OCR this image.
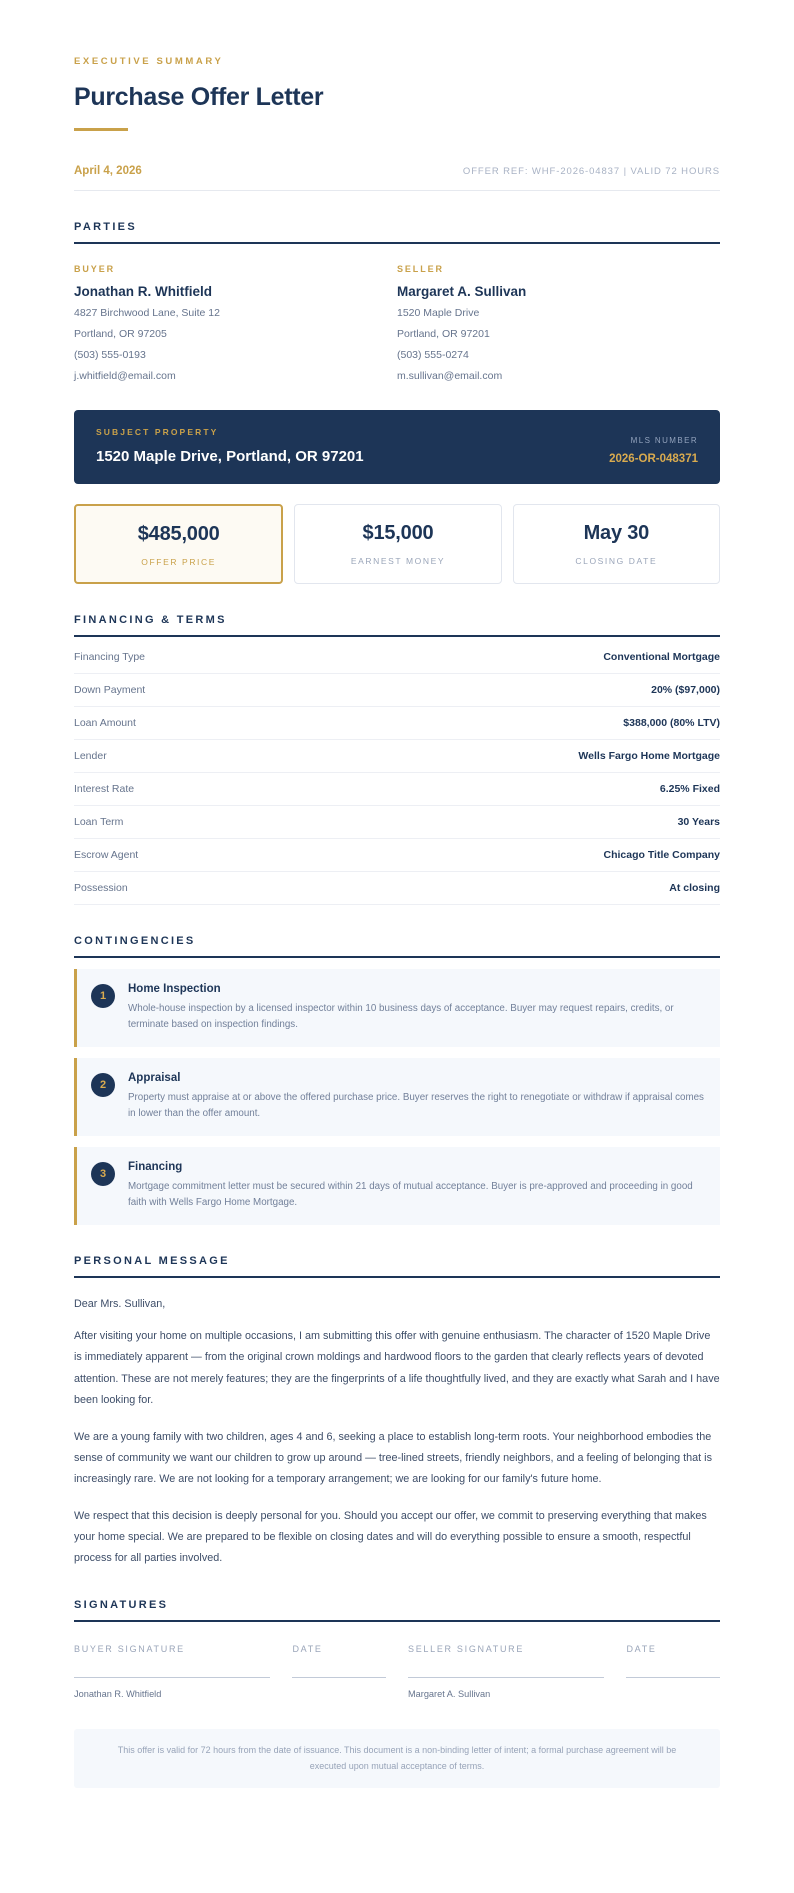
EXECUTIVE SUMMARY
Purchase Offer Letter
April 4, 2026	OFFER REF: WHF-2026-04837 | VALID 72 HOURS
PARTIES
BUYER
Jonathan R. Whitfield
4827 Birchwood Lane, Suite 12
Portland, OR 97205
(503) 555-0193
j.whitfield@email.com
SELLER
Margaret A. Sullivan
1520 Maple Drive
Portland, OR 97201
(503) 555-0274
m.sullivan@email.com
SUBJECT PROPERTY
1520 Maple Drive, Portland, OR 97201
MLS NUMBER
2026-OR-048371
$485,000
OFFER PRICE
$15,000
EARNEST MONEY
May 30
CLOSING DATE
FINANCING & TERMS
Financing Type	Conventional Mortgage
Down Payment	20% ($97,000)
Loan Amount	$388,000 (80% LTV)
Lender	Wells Fargo Home Mortgage
Interest Rate	6.25% Fixed
Loan Term	30 Years
Escrow Agent	Chicago Title Company
Possession	At closing
CONTINGENCIES
1
Home Inspection
Whole-house inspection by a licensed inspector within 10 business days of acceptance. Buyer may request repairs, credits, or terminate based on inspection findings.
2
Appraisal
Property must appraise at or above the offered purchase price. Buyer reserves the right to renegotiate or withdraw if appraisal comes in lower than the offer amount.
3
Financing
Mortgage commitment letter must be secured within 21 days of mutual acceptance. Buyer is pre-approved and proceeding in good faith with Wells Fargo Home Mortgage.
PERSONAL MESSAGE
Dear Mrs. Sullivan,
After visiting your home on multiple occasions, I am submitting this offer with genuine enthusiasm. The character of 1520 Maple Drive is immediately apparent — from the original crown moldings and hardwood floors to the garden that clearly reflects years of devoted attention. These are not merely features; they are the fingerprints of a life thoughtfully lived, and they are exactly what Sarah and I have been looking for.
We are a young family with two children, ages 4 and 6, seeking a place to establish long-term roots. Your neighborhood embodies the sense of community we want our children to grow up around — tree-lined streets, friendly neighbors, and a feeling of belonging that is increasingly rare. We are not looking for a temporary arrangement; we are looking for our family's future home.
We respect that this decision is deeply personal for you. Should you accept our offer, we commit to preserving everything that makes your home special. We are prepared to be flexible on closing dates and will do everything possible to ensure a smooth, respectful process for all parties involved.
SIGNATURES
BUYER SIGNATURE
Jonathan R. Whitfield
DATE	SELLER SIGNATURE
Margaret A. Sullivan
DATE
This offer is valid for 72 hours from the date of issuance. This document is a non-binding letter of intent; a formal purchase agreement will be executed upon mutual acceptance of terms.
